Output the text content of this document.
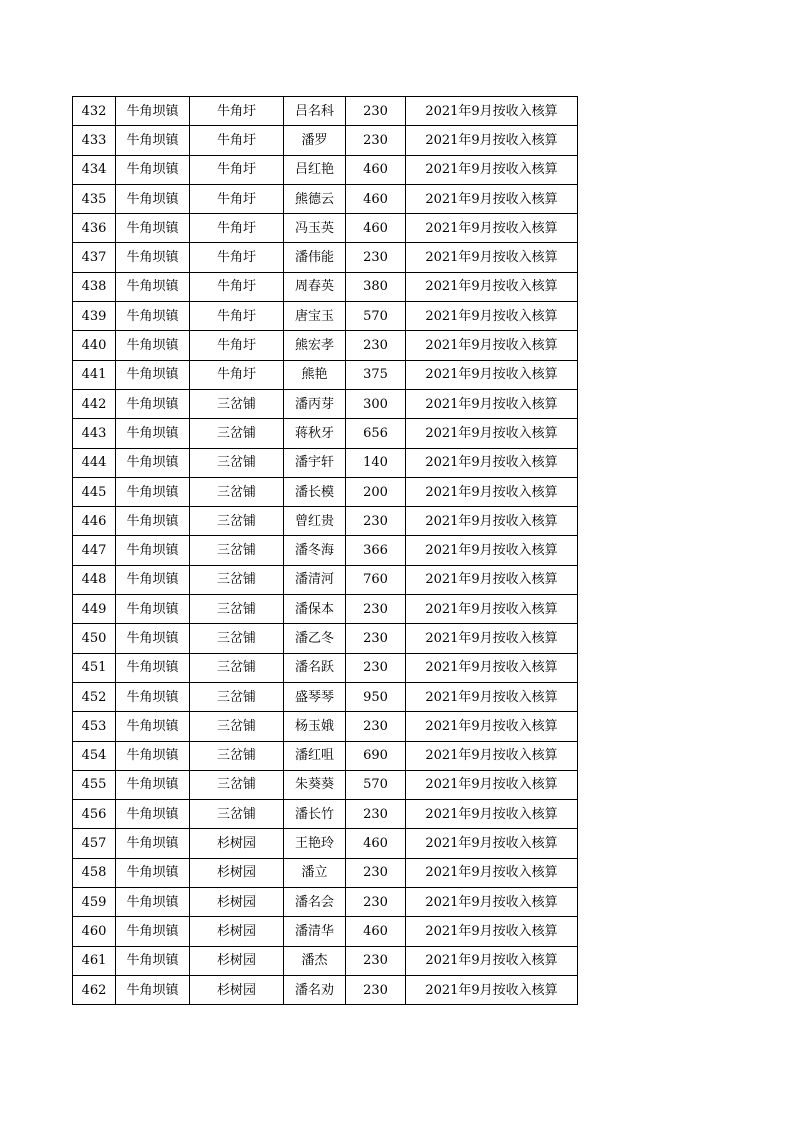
432	牛角坝镇	牛角圩	吕名科	230	2021年9月按收入核算
433	牛角坝镇	牛角圩	潘罗	230	2021年9月按收入核算
434	牛角坝镇	牛角圩	吕红艳	460	2021年9月按收入核算
435	牛角坝镇	牛角圩	熊德云	460	2021年9月按收入核算
436	牛角坝镇	牛角圩	冯玉英	460	2021年9月按收入核算
437	牛角坝镇	牛角圩	潘伟能	230	2021年9月按收入核算
438	牛角坝镇	牛角圩	周春英	380	2021年9月按收入核算
439	牛角坝镇	牛角圩	唐宝玉	570	2021年9月按收入核算
440	牛角坝镇	牛角圩	熊宏孝	230	2021年9月按收入核算
441	牛角坝镇	牛角圩	熊艳	375	2021年9月按收入核算
442	牛角坝镇	三岔铺	潘丙芽	300	2021年9月按收入核算
443	牛角坝镇	三岔铺	蒋秋牙	656	2021年9月按收入核算
444	牛角坝镇	三岔铺	潘宇轩	140	2021年9月按收入核算
445	牛角坝镇	三岔铺	潘长模	200	2021年9月按收入核算
446	牛角坝镇	三岔铺	曾红贵	230	2021年9月按收入核算
447	牛角坝镇	三岔铺	潘冬海	366	2021年9月按收入核算
448	牛角坝镇	三岔铺	潘清河	760	2021年9月按收入核算
449	牛角坝镇	三岔铺	潘保本	230	2021年9月按收入核算
450	牛角坝镇	三岔铺	潘乙冬	230	2021年9月按收入核算
451	牛角坝镇	三岔铺	潘名跃	230	2021年9月按收入核算
452	牛角坝镇	三岔铺	盛琴琴	950	2021年9月按收入核算
453	牛角坝镇	三岔铺	杨玉娥	230	2021年9月按收入核算
454	牛角坝镇	三岔铺	潘红咀	690	2021年9月按收入核算
455	牛角坝镇	三岔铺	朱葵葵	570	2021年9月按收入核算
456	牛角坝镇	三岔铺	潘长竹	230	2021年9月按收入核算
457	牛角坝镇	杉树园	王艳玲	460	2021年9月按收入核算
458	牛角坝镇	杉树园	潘立	230	2021年9月按收入核算
459	牛角坝镇	杉树园	潘名会	230	2021年9月按收入核算
460	牛角坝镇	杉树园	潘清华	460	2021年9月按收入核算
461	牛角坝镇	杉树园	潘杰	230	2021年9月按收入核算
462	牛角坝镇	杉树园	潘名劝	230	2021年9月按收入核算
